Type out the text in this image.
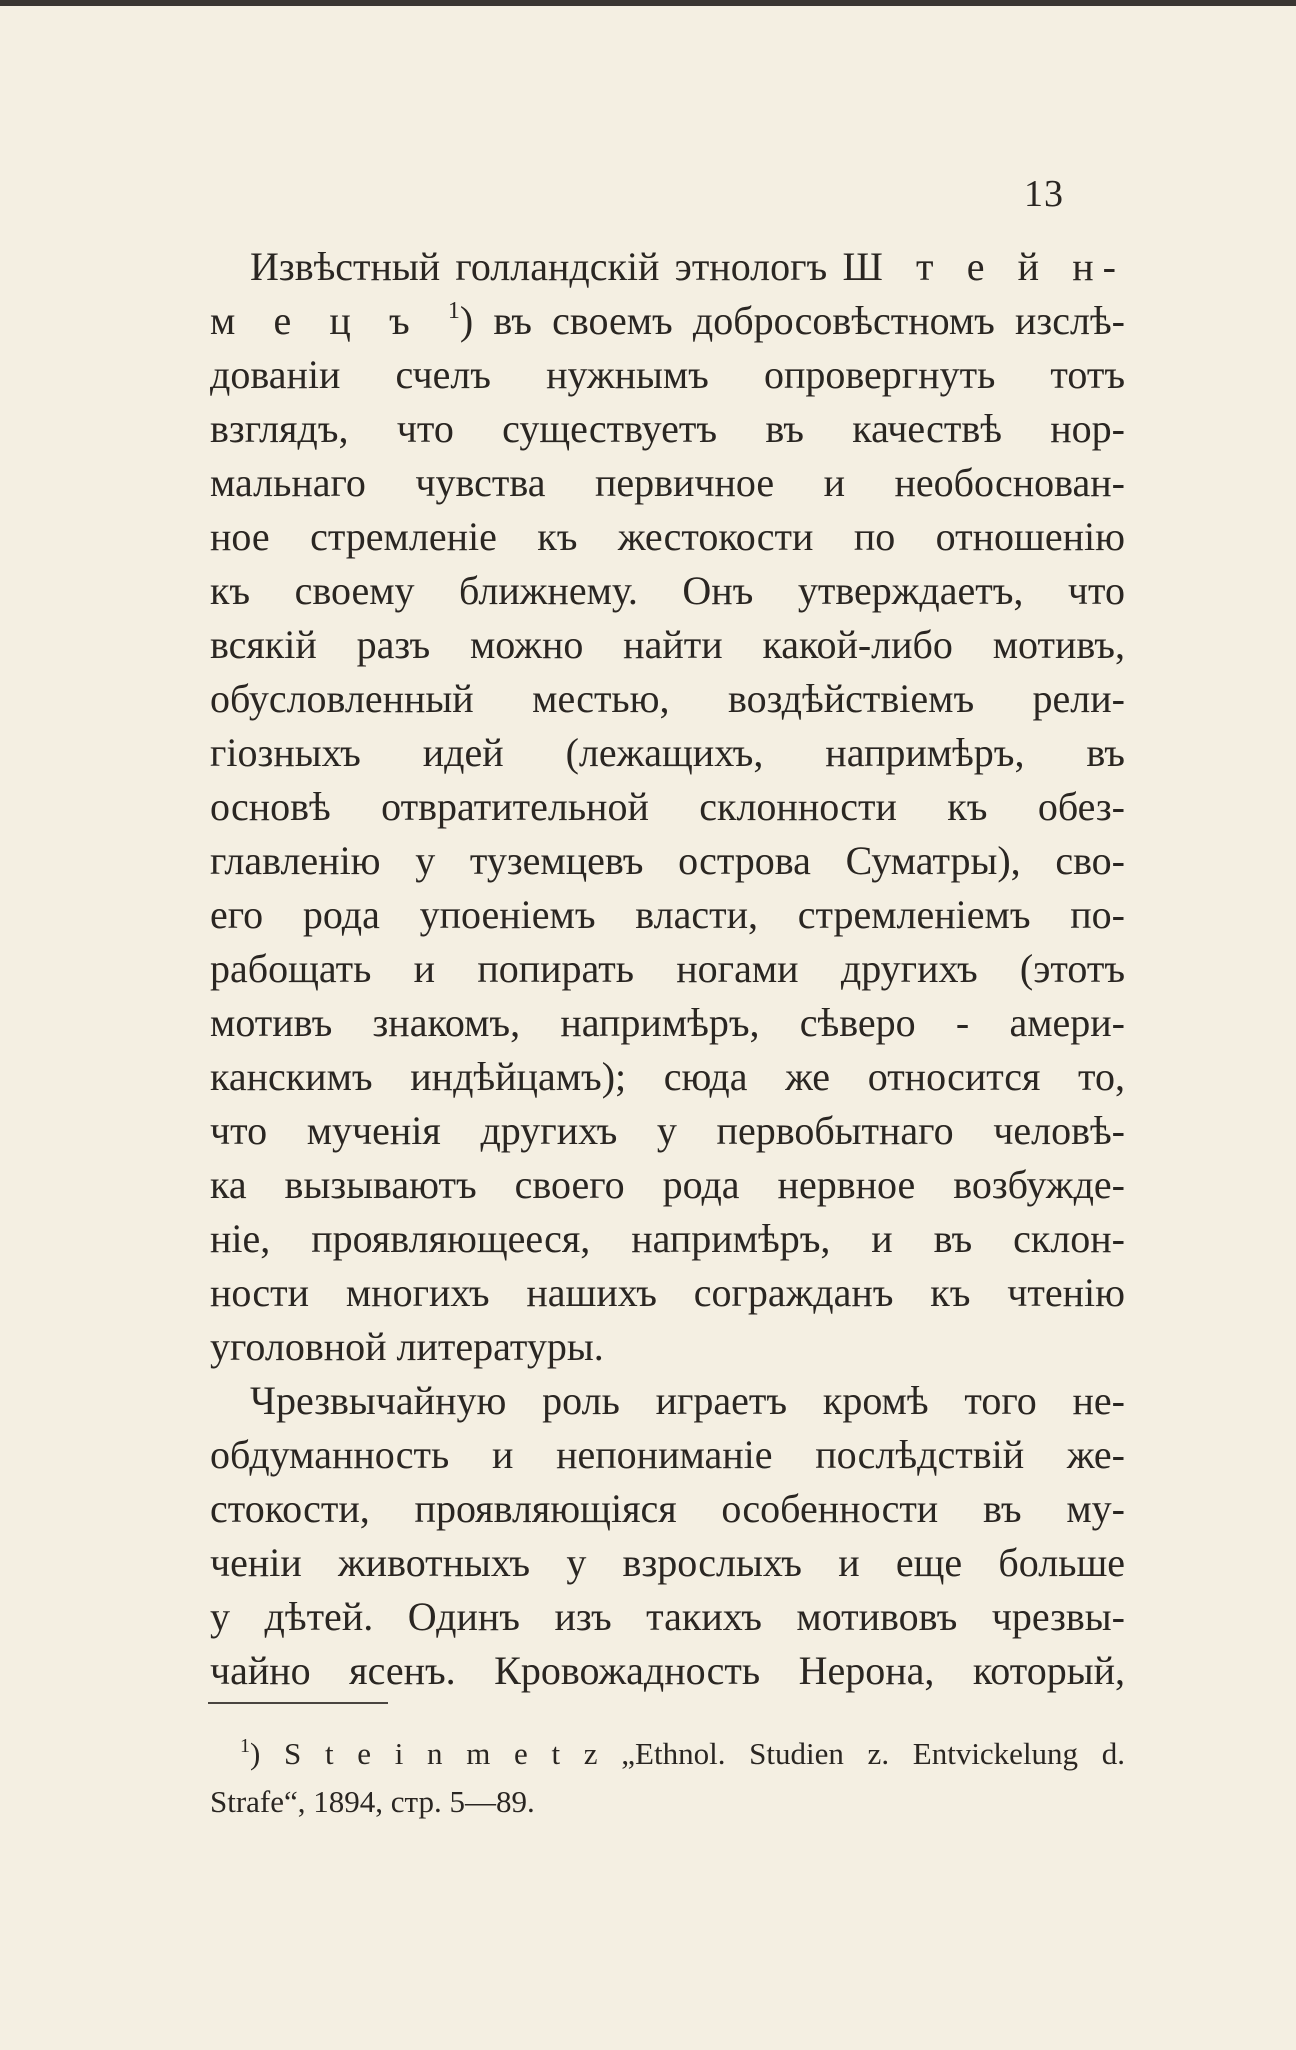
13
Извѣстный голландскій этнологъ Ш т е й н-
м е ц ъ $^1$) въ своемъ добросовѣстномъ изслѣ-
дованіи счелъ нужнымъ опровергнуть тотъ
взглядъ, что существуетъ въ качествѣ нор-
мальнаго чувства первичное и необоснован-
ное стремленіе къ жестокости по отношенію
къ своему ближнему. Онъ утверждаетъ, что
всякій разъ можно найти какой-либо мотивъ,
обусловленный местью, воздѣйствіемъ рели-
гіозныхъ идей (лежащихъ, напримѣръ, въ
основѣ отвратительной склонности къ обез-
главленію у туземцевъ острова Суматры), сво-
его рода упоеніемъ власти, стремленіемъ по-
рабощать и попирать ногами другихъ (этотъ
мотивъ знакомъ, напримѣръ, сѣверо - амери-
канскимъ индѣйцамъ); сюда же относится то,
что мученія другихъ у первобытнаго человѣ-
ка вызываютъ своего рода нервное возбужде-
ніе, проявляющееся, напримѣръ, и въ склон-
ности многихъ нашихъ согражданъ къ чтенію
уголовной литературы.
Чрезвычайную роль играетъ кромѣ того не-
обдуманность и непониманіе послѣдствій же-
стокости, проявляющіяся особенности въ му-
ченіи животныхъ у взрослыхъ и еще больше
у дѣтей. Одинъ изъ такихъ мотивовъ чрезвы-
чайно ясенъ. Кровожадность Нерона, который,
$^1$) S t e i n m e t z „Ethnol. Studien z. Entvickelung d.
Strafe“, 1894, стр. 5—89.
